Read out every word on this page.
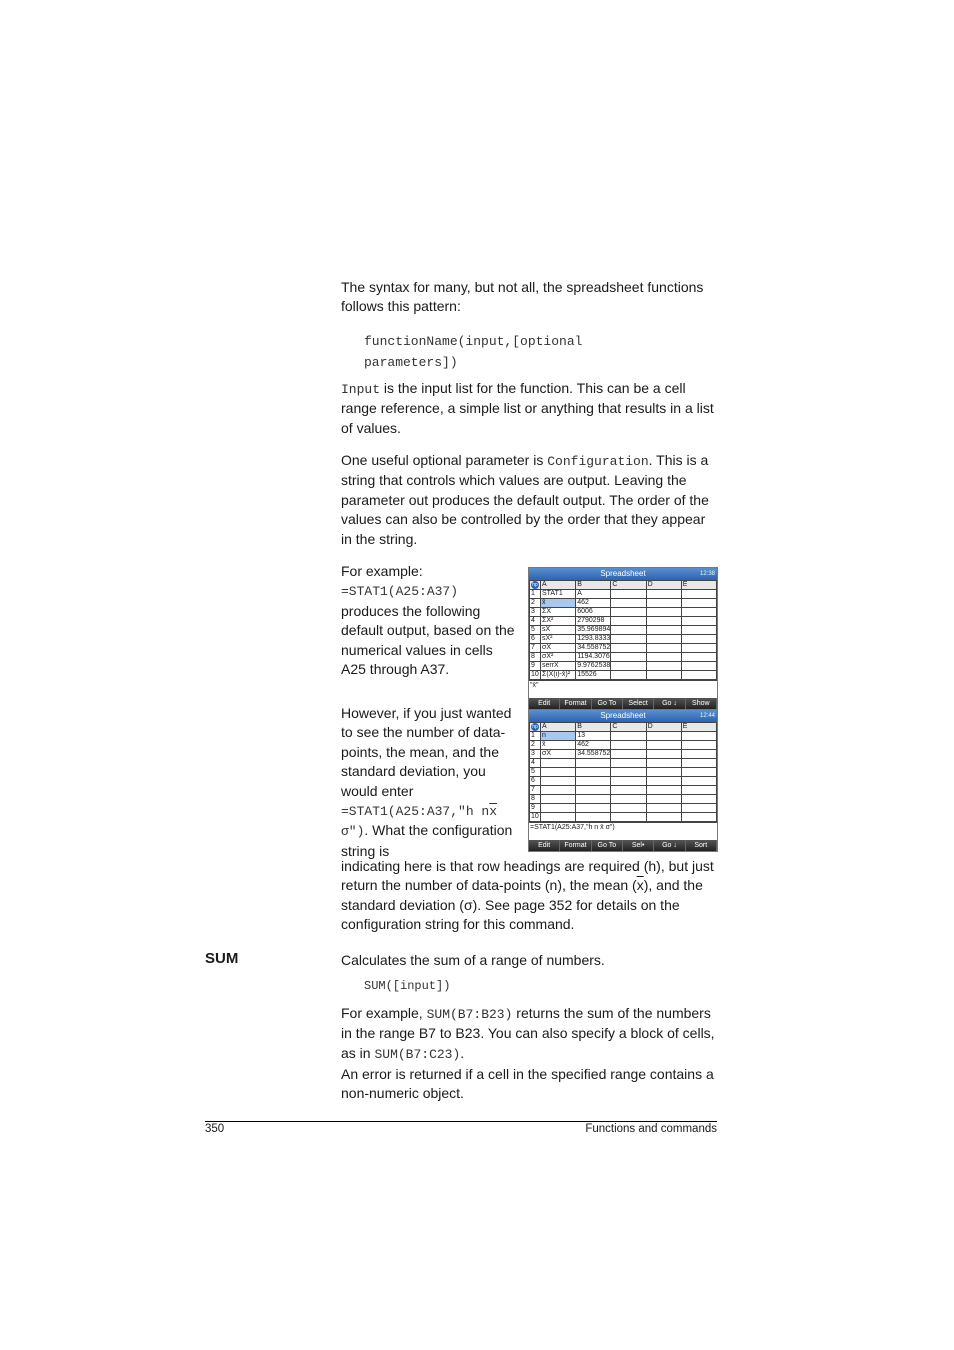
The syntax for many, but not all, the spreadsheet functions follows this pattern:
functionName(input,[optional
parameters])
Input is the input list for the function. This can be a cell range reference, a simple list or anything that results in a list of values.
One useful optional parameter is Configuration. This is a string that controls which values are output. Leaving the parameter out produces the default output. The order of the values can also be controlled by the order that they appear in the string.
For example:
=STAT1(A25:A37)
produces the following default output, based on the numerical values in cells A25 through A37.
However, if you just wanted to see the number of data-points, the mean, and the standard deviation, you would enter
=STAT1(A25:A37,"h $n\overline{x}$ σ"). What the configuration string is
indicating here is that row headings are required (h), but just
return the number of data-points (n), the mean $(\overline{x})$, and the
standard deviation (σ). See page 352 for details on the
configuration string for this command.
Spreadsheet	12:38
hp	A	B	C	D	E
1	STAT1	A			
2	x̄	462			
3	ΣX	6006			
4	ΣX²	2790298			
5	sX	35.969894			
6	sX²	1293.8333			
7	σX	34.558752			
8	σX²	1194.3076			
9	serrX	9.9762538			
10	Σ(X(i)-x̄)²	15526			
"x̄"
Edit	Format	Go To	Select	Go ↓	Show
Spreadsheet	12:44
hp	A	B	C	D	E
1	n	13			
2	x̄	462			
3	σX	34.558752			
4					
5					
6					
7					
8					
9					
10					
=STAT1(A25:A37,"h n x̄ σ")
Edit	Format	Go To	Sel•	Go ↓	Sort
SUM	Calculates the sum of a range of numbers.
SUM([input])
For example, SUM(B7:B23) returns the sum of the numbers in the range B7 to B23. You can also specify a block of cells, as in SUM(B7:C23).
An error is returned if a cell in the specified range contains a non-numeric object.
350	Functions and commands
